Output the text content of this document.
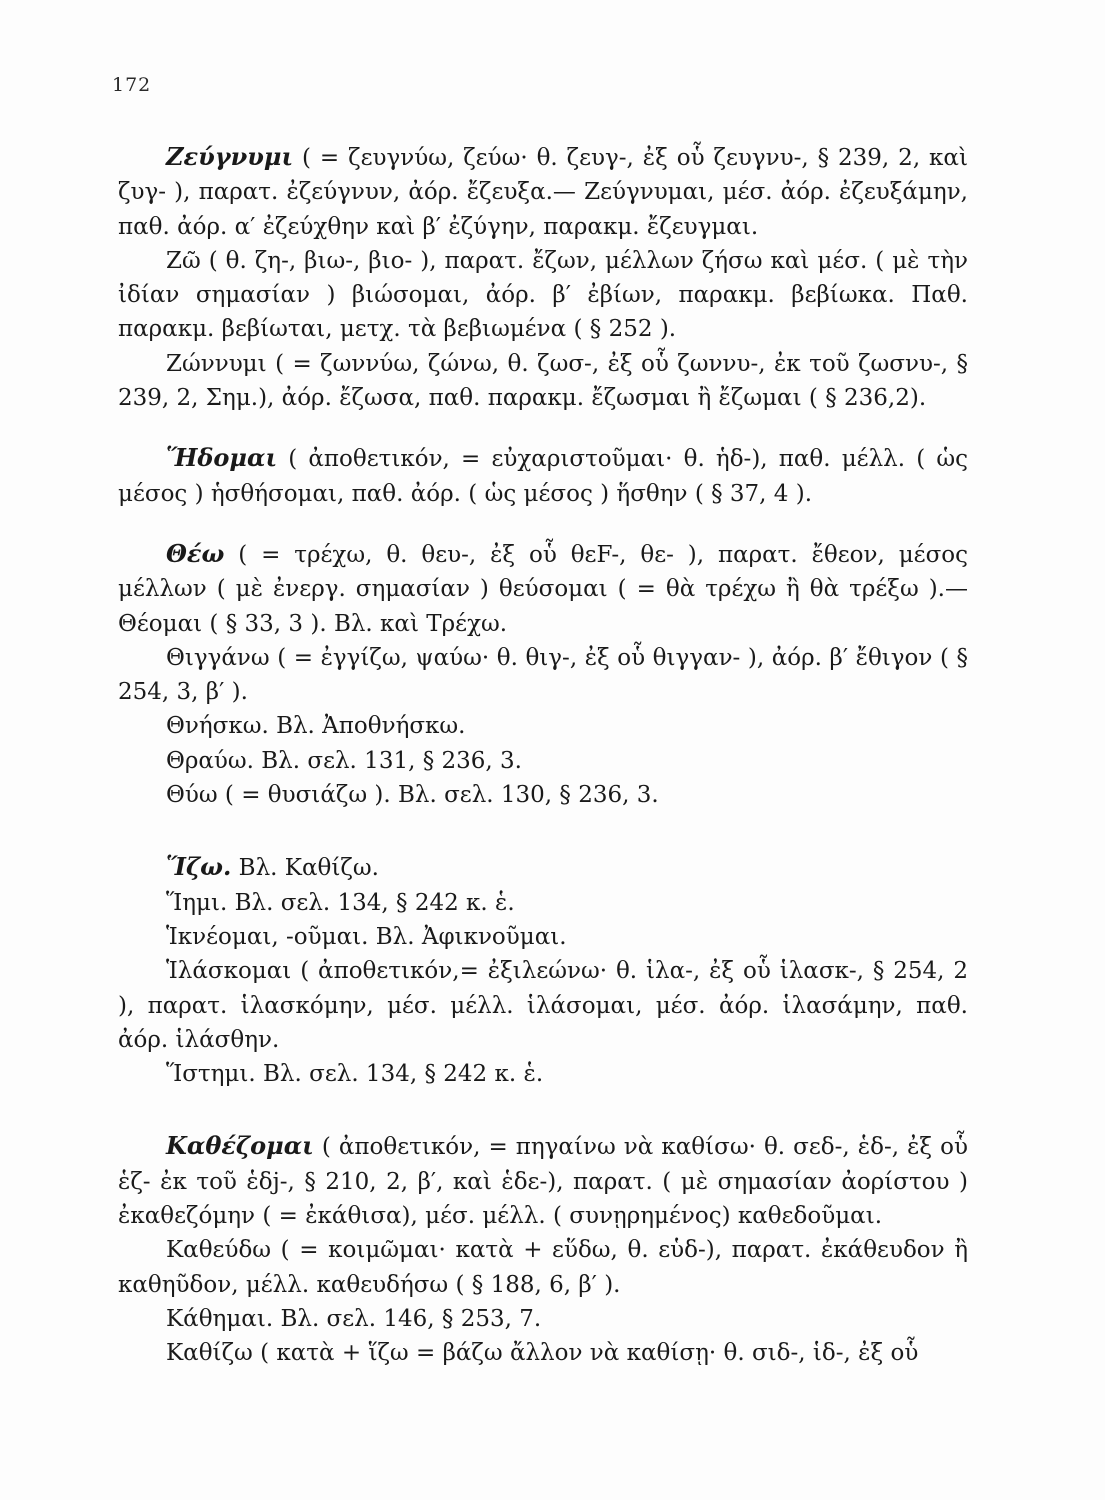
172

Ζεύγνυμι ( = ζευγνύω, ζεύω· θ. ζευγ-, ἐξ οὗ ζευγνυ-, § 239, 2, καὶ ζυγ- ), παρατ. ἐζεύγνυν, ἀόρ. ἔζευξα.— Ζεύγνυμαι, μέσ. ἀόρ. ἐζευξάμην, παθ. ἀόρ. α′ ἐζεύχθην καὶ β′ ἐζύγην, παρακμ. ἔζευγμαι.

Ζῶ ( θ. ζη-, βιω-, βιο- ), παρατ. ἔζων, μέλλων ζήσω καὶ μέσ. ( μὲ τὴν ἰδίαν σημασίαν ) βιώσομαι, ἀόρ. β′ ἐβίων, παρακμ. βεβίωκα. Παθ. παρακμ. βεβίωται, μετχ. τὰ βεβιωμένα ( § 252 ).

Ζώννυμι ( = ζωννύω, ζώνω, θ. ζωσ-, ἐξ οὗ ζωννυ-, ἐκ τοῦ ζωσνυ-, § 239, 2, Σημ.), ἀόρ. ἔζωσα, παθ. παρακμ. ἔζωσμαι ἢ ἔζωμαι ( § 236,2).

Ἥδομαι ( ἀποθετικόν, = εὐχαριστοῦμαι· θ. ἡδ-), παθ. μέλλ. ( ὡς μέσος ) ἡσθήσομαι, παθ. ἀόρ. ( ὡς μέσος ) ἥσθην ( § 37, 4 ).

Θέω ( = τρέχω, θ. θευ-, ἐξ οὗ θεF-, θε- ), παρατ. ἔθεον, μέσος μέλλων ( μὲ ἐνεργ. σημασίαν ) θεύσομαι ( = θὰ τρέχω ἢ θὰ τρέξω ).— Θέομαι ( § 33, 3 ). Βλ. καὶ Τρέχω.

Θιγγάνω ( = ἐγγίζω, ψαύω· θ. θιγ-, ἐξ οὗ θιγγαν- ), ἀόρ. β′ ἔθιγον ( § 254, 3, β′ ).

Θνήσκω. Βλ. Ἀποθνήσκω.

Θραύω. Βλ. σελ. 131, § 236, 3.

Θύω ( = θυσιάζω ). Βλ. σελ. 130, § 236, 3.

Ἵζω. Βλ. Καθίζω.

Ἵημι. Βλ. σελ. 134, § 242 κ. ἑ.

Ἱκνέομαι, -οῦμαι. Βλ. Ἀφικνοῦμαι.

Ἱλάσκομαι ( ἀποθετικόν,= ἐξιλεώνω· θ. ἱλα-, ἐξ οὗ ἱλασκ-, § 254, 2 ), παρατ. ἱλασκόμην, μέσ. μέλλ. ἱλάσομαι, μέσ. ἀόρ. ἱλασάμην, παθ. ἀόρ. ἱλάσθην.

Ἵστημι. Βλ. σελ. 134, § 242 κ. ἑ.

Καθέζομαι ( ἀποθετικόν, = πηγαίνω νὰ καθίσω· θ. σεδ-, ἑδ-, ἐξ οὗ ἑζ- ἐκ τοῦ ἑδj-, § 210, 2, β′, καὶ ἑδε-), παρατ. ( μὲ σημασίαν ἀορίστου ) ἐκαθεζόμην ( = ἐκάθισα), μέσ. μέλλ. ( συνῃρημένος) καθεδοῦμαι.

Καθεύδω ( = κοιμῶμαι· κατὰ + εὕδω, θ. εὑδ-), παρατ. ἐκάθευδον ἢ καθηῦδον, μέλλ. καθευδήσω ( § 188, 6, β′ ).

Κάθημαι. Βλ. σελ. 146, § 253, 7.

Καθίζω ( κατὰ + ἵζω = βάζω ἄλλον νὰ καθίσῃ· θ. σιδ-, ἱδ-, ἐξ οὗ
